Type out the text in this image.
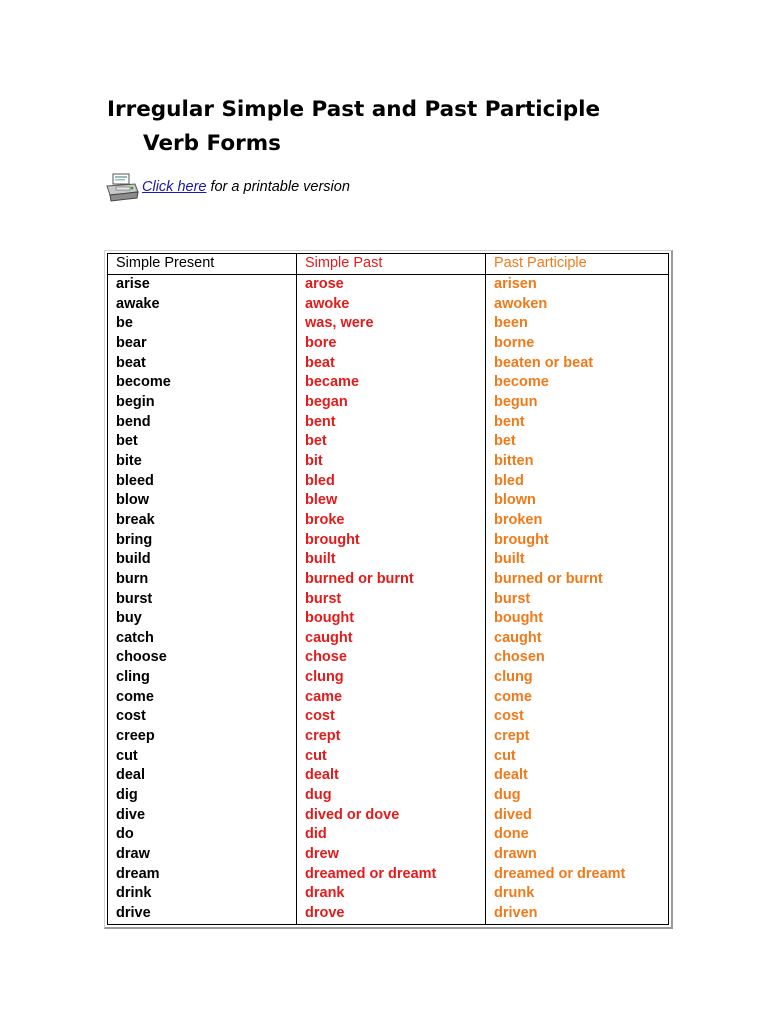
Irregular Simple Past and Past Participle
Verb Forms
Click here for a printable version
Simple Present	Simple Past	Past Participle
arise	arose	arisen
awake	awoke	awoken
be	was, were	been
bear	bore	borne
beat	beat	beaten or beat
become	became	become
begin	began	begun
bend	bent	bent
bet	bet	bet
bite	bit	bitten
bleed	bled	bled
blow	blew	blown
break	broke	broken
bring	brought	brought
build	built	built
burn	burned or burnt	burned or burnt
burst	burst	burst
buy	bought	bought
catch	caught	caught
choose	chose	chosen
cling	clung	clung
come	came	come
cost	cost	cost
creep	crept	crept
cut	cut	cut
deal	dealt	dealt
dig	dug	dug
dive	dived or dove	dived
do	did	done
draw	drew	drawn
dream	dreamed or dreamt	dreamed or dreamt
drink	drank	drunk
drive	drove	driven
